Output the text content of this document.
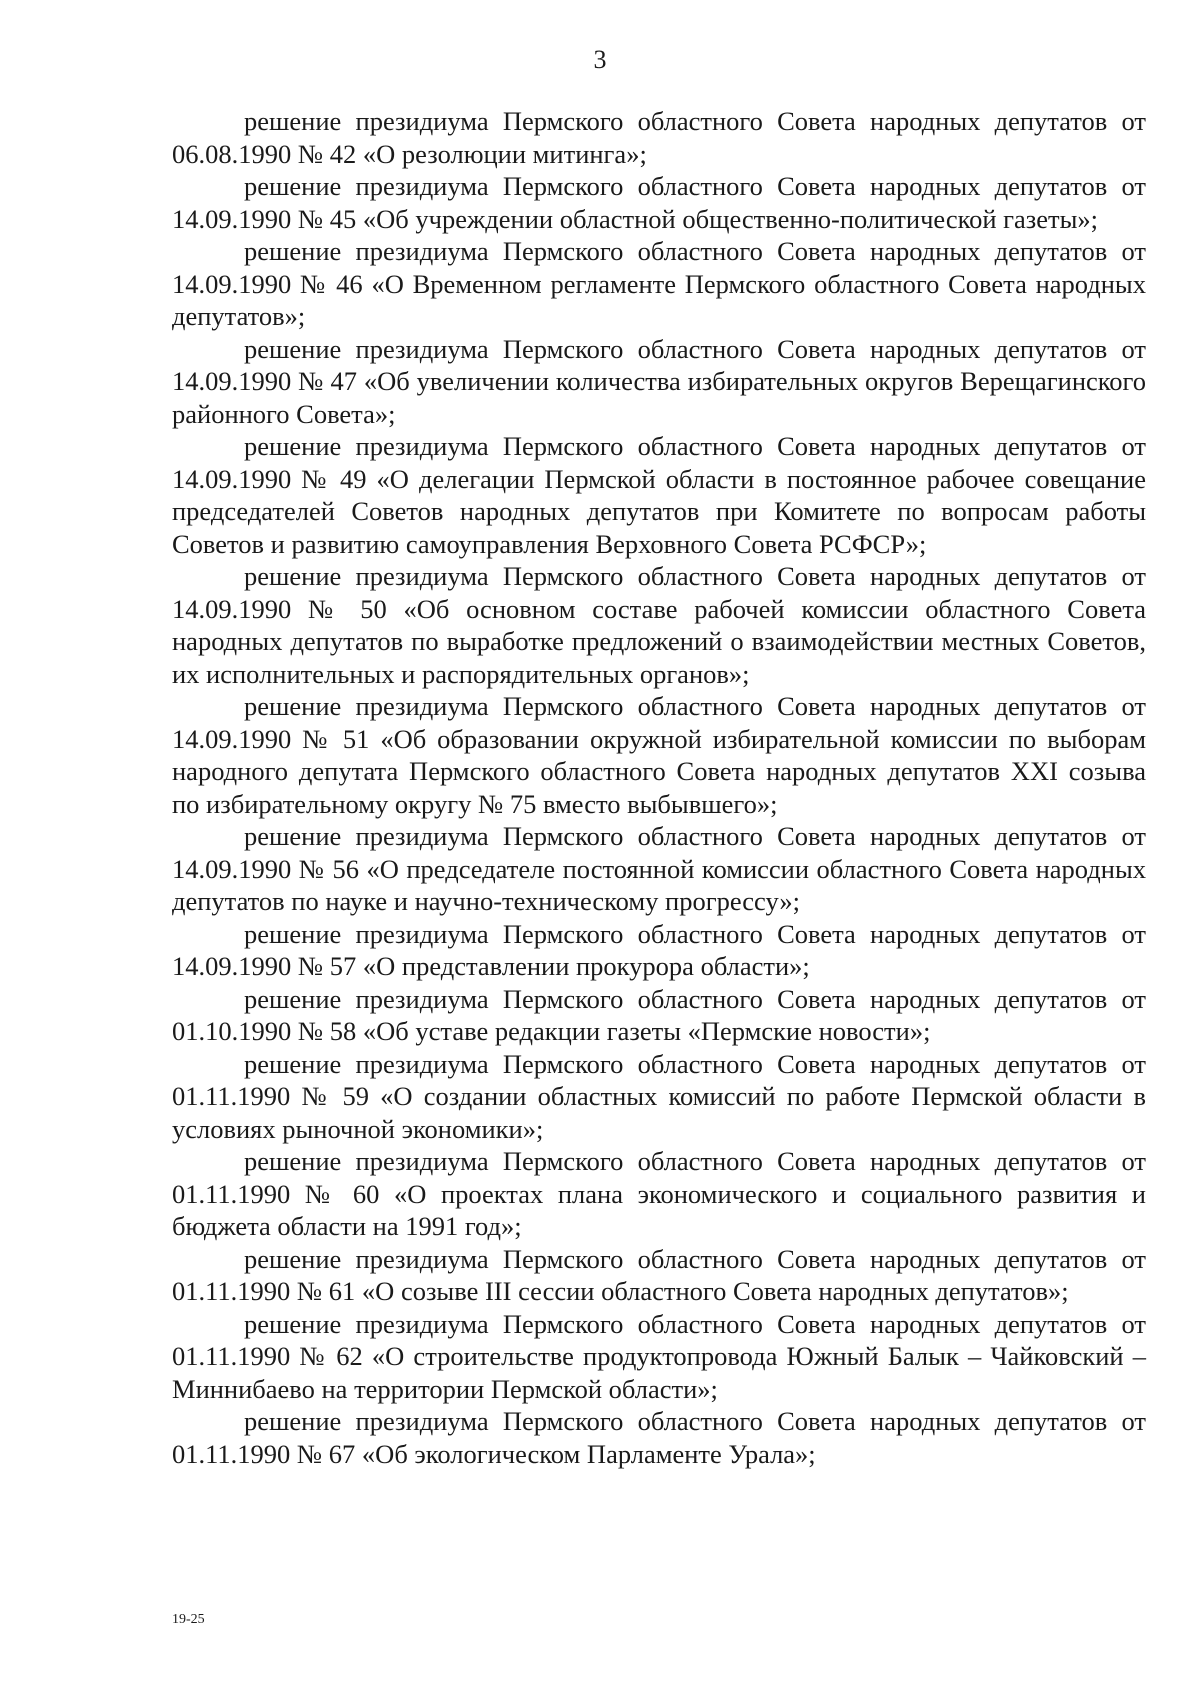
3

решение президиума Пермского областного Совета народных депутатов от 06.08.1990 № 42 «О резолюции митинга»;

решение президиума Пермского областного Совета народных депутатов от 14.09.1990 № 45 «Об учреждении областной общественно-политической газеты»;

решение президиума Пермского областного Совета народных депутатов от 14.09.1990 № 46 «О Временном регламенте Пермского областного Совета народных депутатов»;

решение президиума Пермского областного Совета народных депутатов от 14.09.1990 № 47 «Об увеличении количества избирательных округов Верещагинского районного Совета»;

решение президиума Пермского областного Совета народных депутатов от 14.09.1990 № 49 «О делегации Пермской области в постоянное рабочее совещание председателей Советов народных депутатов при Комитете по вопросам работы Советов и развитию самоуправления Верховного Совета РСФСР»;

решение президиума Пермского областного Совета народных депутатов от 14.09.1990 № 50 «Об основном составе рабочей комиссии областного Совета народных депутатов по выработке предложений о взаимодействии местных Советов, их исполнительных и распорядительных органов»;

решение президиума Пермского областного Совета народных депутатов от 14.09.1990 № 51 «Об образовании окружной избирательной комиссии по выборам народного депутата Пермского областного Совета народных депутатов XXI созыва по избирательному округу № 75 вместо выбывшего»;

решение президиума Пермского областного Совета народных депутатов от 14.09.1990 № 56 «О председателе постоянной комиссии областного Совета народных депутатов по науке и научно-техническому прогрессу»;

решение президиума Пермского областного Совета народных депутатов от 14.09.1990 № 57 «О представлении прокурора области»;

решение президиума Пермского областного Совета народных депутатов от 01.10.1990 № 58 «Об уставе редакции газеты «Пермские новости»;

решение президиума Пермского областного Совета народных депутатов от 01.11.1990 № 59 «О создании областных комиссий по работе Пермской области в условиях рыночной экономики»;

решение президиума Пермского областного Совета народных депутатов от 01.11.1990 № 60 «О проектах плана экономического и социального развития и бюджета области на 1991 год»;

решение президиума Пермского областного Совета народных депутатов от 01.11.1990 № 61 «О созыве III сессии областного Совета народных депутатов»;

решение президиума Пермского областного Совета народных депутатов от 01.11.1990 № 62 «О строительстве продуктопровода Южный Балык – Чайковский – Миннибаево на территории Пермской области»;

решение президиума Пермского областного Совета народных депутатов от 01.11.1990 № 67 «Об экологическом Парламенте Урала»;

19-25
